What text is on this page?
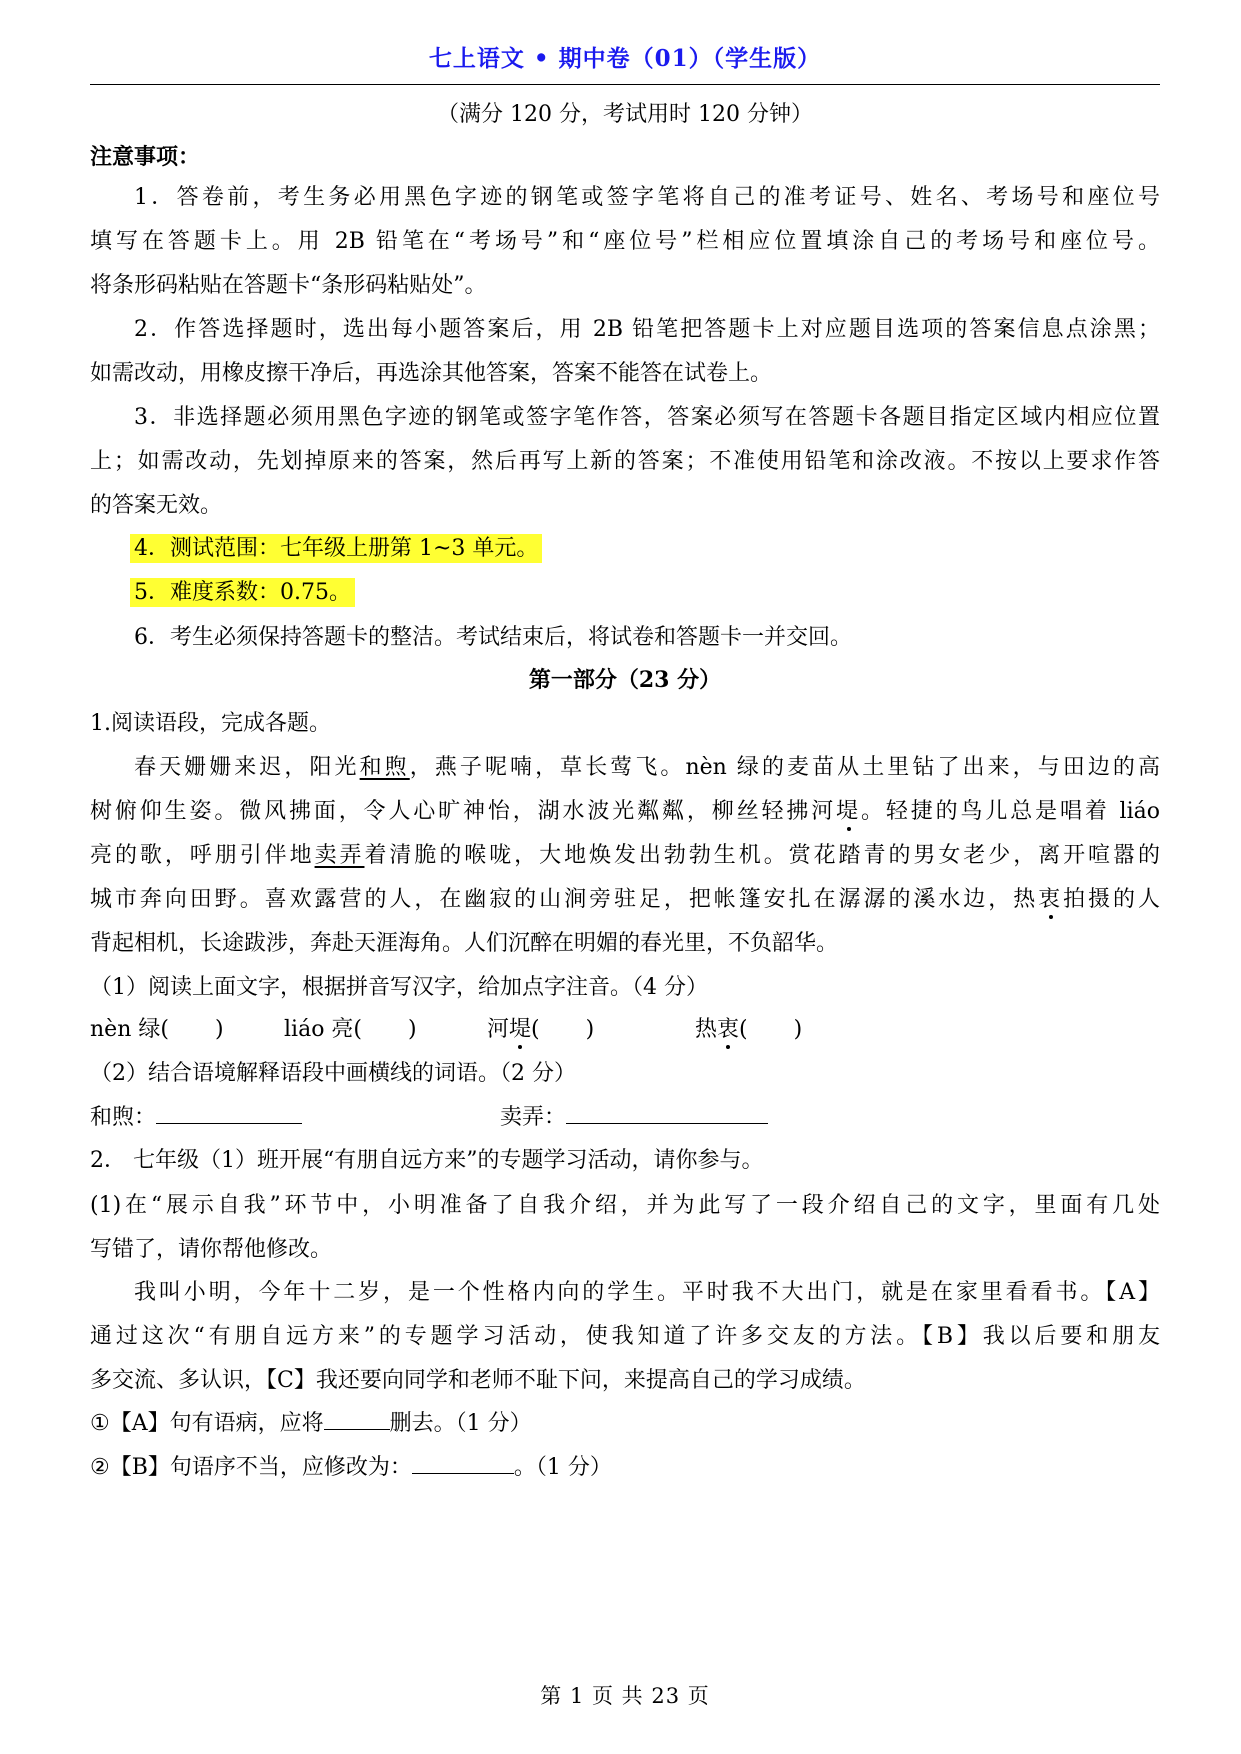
七上语文 • 期中卷（01）（学生版）
（满分 120 分，考试用时 120 分钟）
注意事项：
1．答卷前，考生务必用黑色字迹的钢笔或签字笔将自己的准考证号、姓名、考场号和座位号
填写在答题卡上。用 2B 铅笔在“考场号”和“座位号”栏相应位置填涂自己的考场号和座位号。
将条形码粘贴在答题卡“条形码粘贴处”。
2．作答选择题时，选出每小题答案后，用 2B 铅笔把答题卡上对应题目选项的答案信息点涂黑；
如需改动，用橡皮擦干净后，再选涂其他答案，答案不能答在试卷上。
3．非选择题必须用黑色字迹的钢笔或签字笔作答，答案必须写在答题卡各题目指定区域内相应位置
上；如需改动，先划掉原来的答案，然后再写上新的答案；不准使用铅笔和涂改液。不按以上要求作答
的答案无效。
4．测试范围：七年级上册第 1~3 单元。
5．难度系数：0.75。
6．考生必须保持答题卡的整洁。考试结束后，将试卷和答题卡一并交回。
第一部分（23 分）
1.阅读语段，完成各题。
春天姗姗来迟，阳光和煦，燕子呢喃，草长莺飞。nèn 绿的麦苗从土里钻了出来，与田边的高
树俯仰生姿。微风拂面，令人心旷神怡，湖水波光粼粼，柳丝轻拂河堤。轻捷的鸟儿总是唱着 liáo
亮的歌，呼朋引伴地卖弄着清脆的喉咙，大地焕发出勃勃生机。赏花踏青的男女老少，离开喧嚣的
城市奔向田野。喜欢露营的人，在幽寂的山涧旁驻足，把帐篷安扎在潺潺的溪水边，热衷拍摄的人
背起相机，长途跋涉，奔赴天涯海角。人们沉醉在明媚的春光里，不负韶华。
（1）阅读上面文字，根据拼音写汉字，给加点字注音。（4 分）
nèn 绿( )	liáo 亮( )	河堤( )	热衷( )
（2）结合语境解释语段中画横线的词语。（2 分）
和煦：	卖弄：
2． 七年级（1）班开展“有朋自远方来”的专题学习活动，请你参与。
(1)在“展示自我”环节中，小明准备了自我介绍，并为此写了一段介绍自己的文字，里面有几处
写错了，请你帮他修改。
我叫小明，今年十二岁，是一个性格内向的学生。平时我不大出门，就是在家里看看书。【A】
通过这次“有朋自远方来”的专题学习活动，使我知道了许多交友的方法。【B】我以后要和朋友
多交流、多认识，【C】我还要向同学和老师不耻下问，来提高自己的学习成绩。
①【A】句有语病，应将	删去。（1 分）
②【B】句语序不当，应修改为：	。（1 分）
第 1 页 共 23 页
